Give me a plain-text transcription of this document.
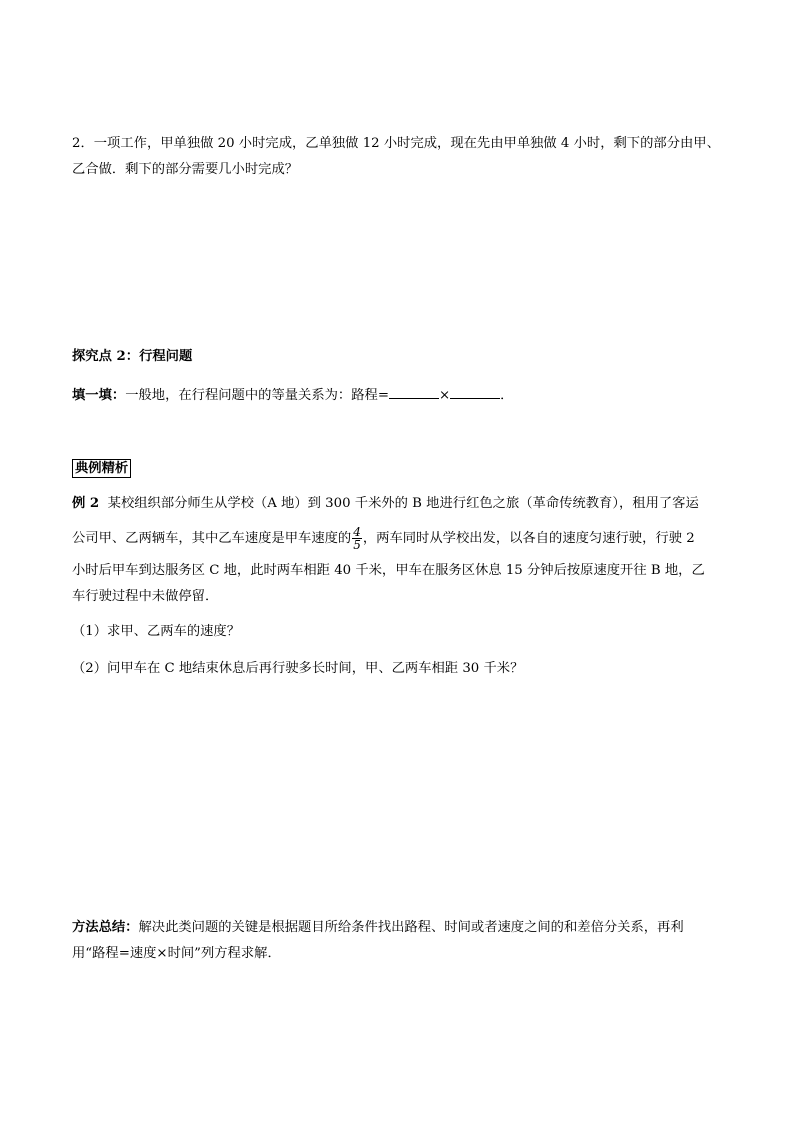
2．一项工作，甲单独做 20 小时完成，乙单独做 12 小时完成，现在先由甲单独做 4 小时，剩下的部分由甲、
乙合做．剩下的部分需要几小时完成？
探究点 2：行程问题
填一填：一般地，在行程问题中的等量关系为：路程=	×	．
典例精析
例 2 某校组织部分师生从学校（A 地）到 300 千米外的 B 地进行红色之旅（革命传统教育），租用了客运
公司甲、乙两辆车，其中乙车速度是甲车速度的 $\frac{4}{5}$ ，两车同时从学校出发，以各自的速度匀速行驶，行驶 2
小时后甲车到达服务区 C 地，此时两车相距 40 千米，甲车在服务区休息 15 分钟后按原速度开往 B 地，乙
车行驶过程中未做停留．
（1）求甲、乙两车的速度？
（2）问甲车在 C 地结束休息后再行驶多长时间，甲、乙两车相距 30 千米？
方法总结：解决此类问题的关键是根据题目所给条件找出路程、时间或者速度之间的和差倍分关系，再利
用“路程=速度×时间”列方程求解．
